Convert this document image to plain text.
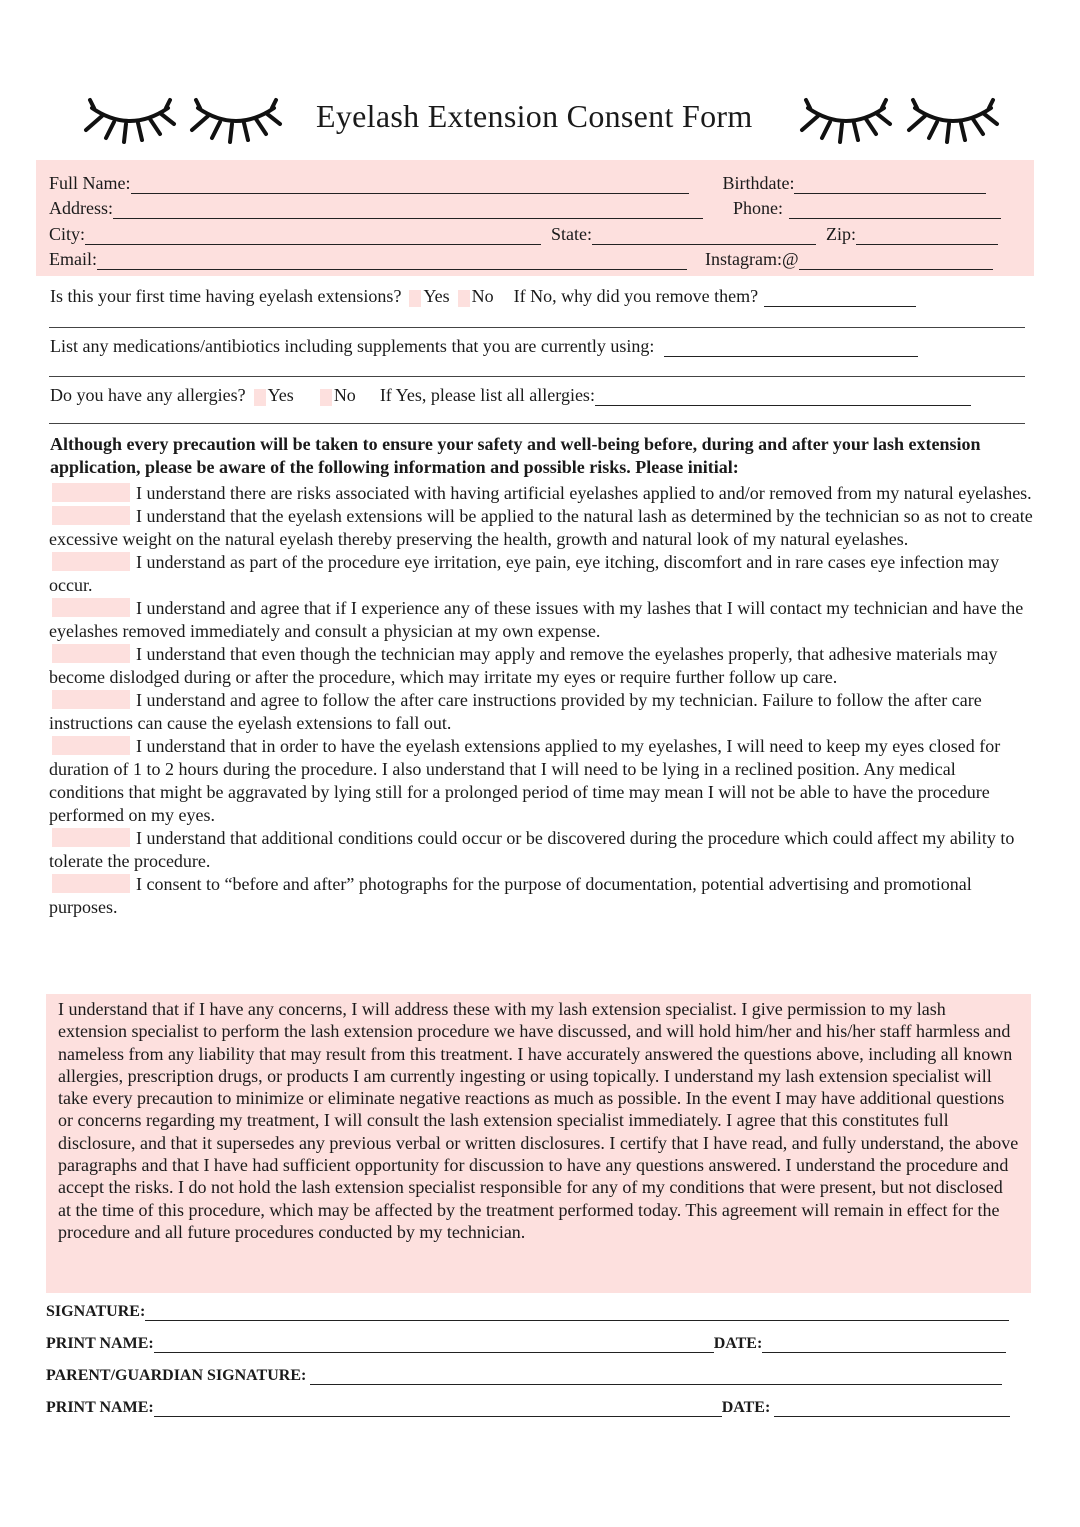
Eyelash Extension Consent Form
Full Name:	Birthdate:
Address:	Phone:
City:	State:	Zip:
Email:	Instagram:@
Is this your first time having eyelash extensions? Yes No If No, why did you remove them?
List any medications/antibiotics including supplements that you are currently using:
Do you have any allergies? Yes No If Yes, please list all allergies:
Although every precaution will be taken to ensure your safety and well-being before, during and after your lash extension application, please be aware of the following information and possible risks. Please initial:

I understand there are risks associated with having artificial eyelashes applied to and/or removed from my natural eyelashes.

I understand that the eyelash extensions will be applied to the natural lash as determined by the technician so as not to create excessive weight on the natural eyelash thereby preserving the health, growth and natural look of my natural eyelashes.

I understand as part of the procedure eye irritation, eye pain, eye itching, discomfort and in rare cases eye infection may occur.

I understand and agree that if I experience any of these issues with my lashes that I will contact my technician and have the eyelashes removed immediately and consult a physician at my own expense.

I understand that even though the technician may apply and remove the eyelashes properly, that adhesive materials may become dislodged during or after the procedure, which may irritate my eyes or require further follow up care.

I understand and agree to follow the after care instructions provided by my technician. Failure to follow the after care instructions can cause the eyelash extensions to fall out.

I understand that in order to have the eyelash extensions applied to my eyelashes, I will need to keep my eyes closed for duration of 1 to 2 hours during the procedure. I also understand that I will need to be lying in a reclined position. Any medical conditions that might be aggravated by lying still for a prolonged period of time may mean I will not be able to have the procedure performed on my eyes.

I understand that additional conditions could occur or be discovered during the procedure which could affect my ability to tolerate the procedure.

I consent to “before and after” photographs for the purpose of documentation, potential advertising and promotional purposes.

I understand that if I have any concerns, I will address these with my lash extension specialist. I give permission to my lash extension specialist to perform the lash extension procedure we have discussed, and will hold him/her and his/her staff harmless and nameless from any liability that may result from this treatment. I have accurately answered the questions above, including all known allergies, prescription drugs, or products I am currently ingesting or using topically. I understand my lash extension specialist will take every precaution to minimize or eliminate negative reactions as much as possible. In the event I may have additional questions or concerns regarding my treatment, I will consult the lash extension specialist immediately. I agree that this constitutes full disclosure, and that it supersedes any previous verbal or written disclosures. I certify that I have read, and fully understand, the above paragraphs and that I have had sufficient opportunity for discussion to have any questions answered. I understand the procedure and accept the risks. I do not hold the lash extension specialist responsible for any of my conditions that were present, but not disclosed at the time of this procedure, which may be affected by the treatment performed today. This agreement will remain in effect for the procedure and all future procedures conducted by my technician.
SIGNATURE:
PRINT NAME:	DATE:
PARENT/GUARDIAN SIGNATURE:
PRINT NAME:	DATE:
